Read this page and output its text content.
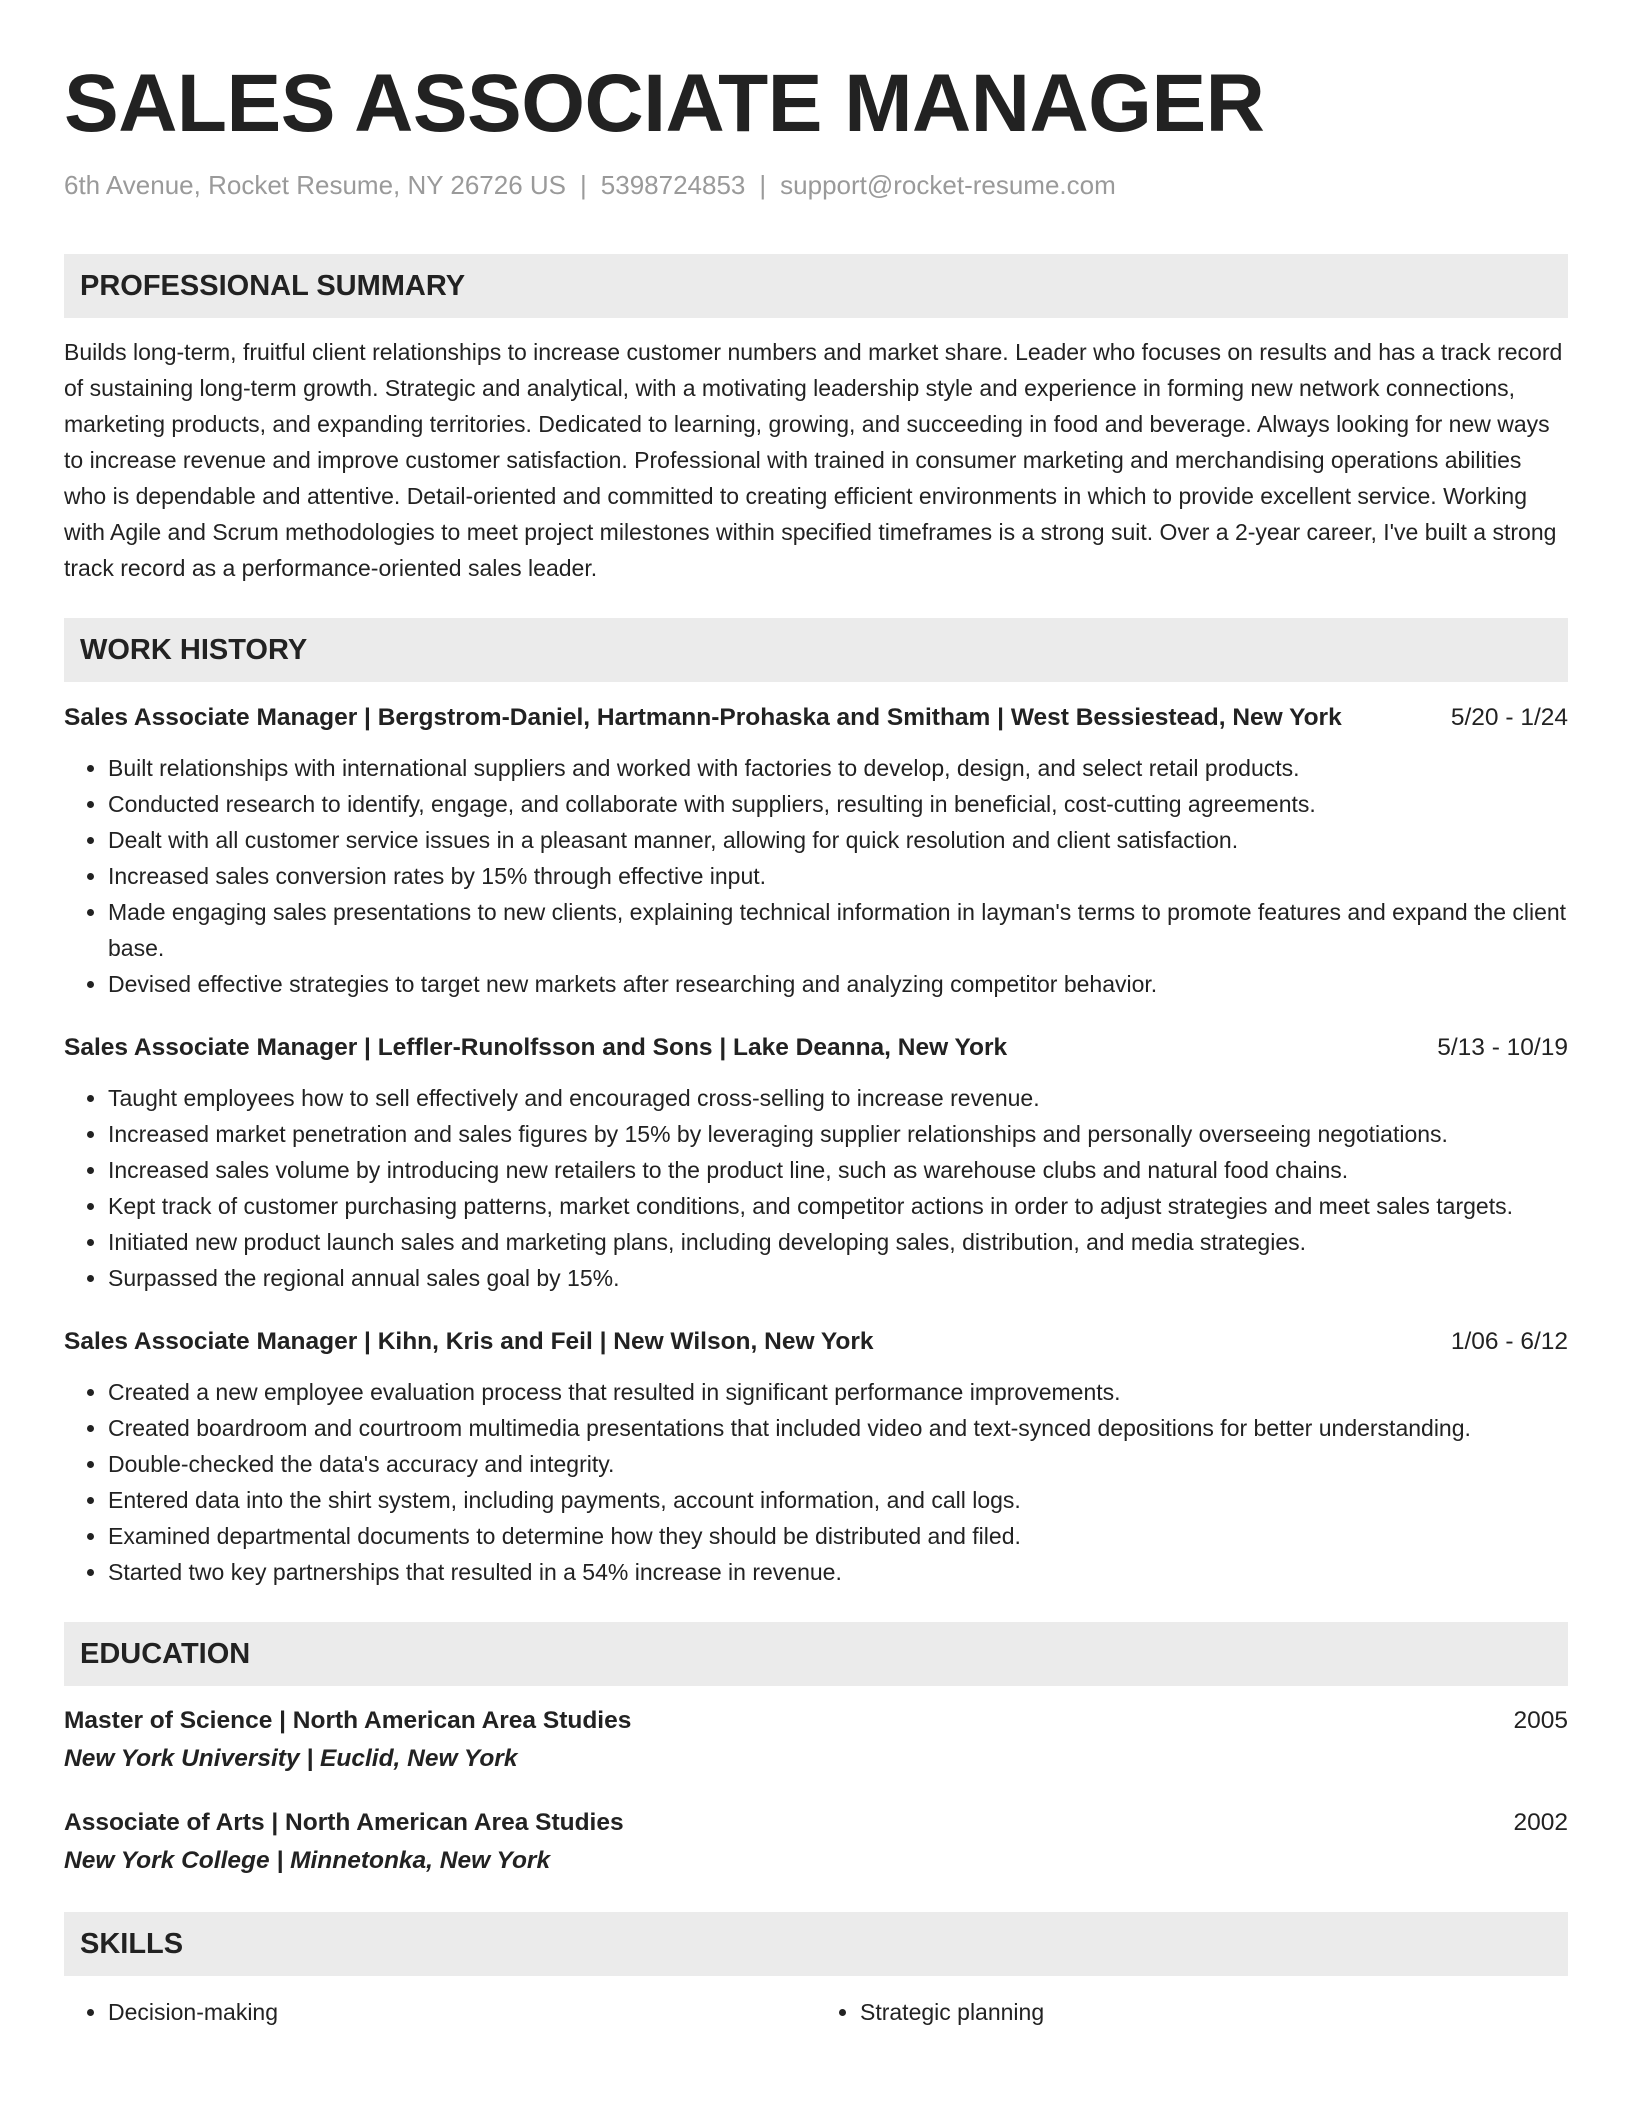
SALES ASSOCIATE MANAGER
6th Avenue, Rocket Resume, NY 26726 US | 5398724853 | support@rocket-resume.com
PROFESSIONAL SUMMARY
Builds long-term, fruitful client relationships to increase customer numbers and market share. Leader who focuses on results and has a track record of sustaining long-term growth. Strategic and analytical, with a motivating leadership style and experience in forming new network connections, marketing products, and expanding territories. Dedicated to learning, growing, and succeeding in food and beverage. Always looking for new ways to increase revenue and improve customer satisfaction. Professional with trained in consumer marketing and merchandising operations abilities who is dependable and attentive. Detail-oriented and committed to creating efficient environments in which to provide excellent service. Working with Agile and Scrum methodologies to meet project milestones within specified timeframes is a strong suit. Over a 2-year career, I've built a strong track record as a performance-oriented sales leader.
WORK HISTORY
Sales Associate Manager | Bergstrom-Daniel, Hartmann-Prohaska and Smitham | West Bessiestead, New York	5/20 - 1/24
• Built relationships with international suppliers and worked with factories to develop, design, and select retail products.
• Conducted research to identify, engage, and collaborate with suppliers, resulting in beneficial, cost-cutting agreements.
• Dealt with all customer service issues in a pleasant manner, allowing for quick resolution and client satisfaction.
• Increased sales conversion rates by 15% through effective input.
• Made engaging sales presentations to new clients, explaining technical information in layman's terms to promote features and expand the client base.
• Devised effective strategies to target new markets after researching and analyzing competitor behavior.
Sales Associate Manager | Leffler-Runolfsson and Sons | Lake Deanna, New York	5/13 - 10/19
• Taught employees how to sell effectively and encouraged cross-selling to increase revenue.
• Increased market penetration and sales figures by 15% by leveraging supplier relationships and personally overseeing negotiations.
• Increased sales volume by introducing new retailers to the product line, such as warehouse clubs and natural food chains.
• Kept track of customer purchasing patterns, market conditions, and competitor actions in order to adjust strategies and meet sales targets.
• Initiated new product launch sales and marketing plans, including developing sales, distribution, and media strategies.
• Surpassed the regional annual sales goal by 15%.
Sales Associate Manager | Kihn, Kris and Feil | New Wilson, New York	1/06 - 6/12
• Created a new employee evaluation process that resulted in significant performance improvements.
• Created boardroom and courtroom multimedia presentations that included video and text-synced depositions for better understanding.
• Double-checked the data's accuracy and integrity.
• Entered data into the shirt system, including payments, account information, and call logs.
• Examined departmental documents to determine how they should be distributed and filed.
• Started two key partnerships that resulted in a 54% increase in revenue.
EDUCATION
Master of Science | North American Area Studies	2005
New York University | Euclid, New York
Associate of Arts | North American Area Studies	2002
New York College | Minnetonka, New York
SKILLS
• Decision-making
•	Strategic planning
